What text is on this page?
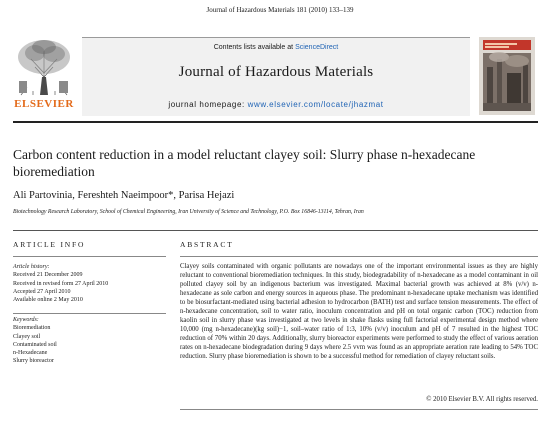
Journal of Hazardous Materials 181 (2010) 133–139
ELSEVIER
Contents lists available at ScienceDirect
Journal of Hazardous Materials
journal homepage: www.elsevier.com/locate/jhazmat
Carbon content reduction in a model reluctant clayey soil: Slurry phase n-hexadecane bioremediation
Ali Partovinia, Fereshteh Naeimpoor*, Parisa Hejazi
Biotechnology Research Laboratory, School of Chemical Engineering, Iran University of Science and Technology, P.O. Box 16846-13114, Tehran, Iran
ARTICLE INFO	ABSTRACT
Article history:
Received 21 December 2009
Received in revised form 27 April 2010
Accepted 27 April 2010
Available online 2 May 2010
Keywords:
Bioremediation
Clayey soil
Contaminated soil
n-Hexadecane
Slurry bioreactor
Clayey soils contaminated with organic pollutants are nowadays one of the important environmental issues as they are highly reluctant to conventional bioremediation techniques. In this study, biodegradability of n-hexadecane as a model contaminant in oil polluted clayey soil by an indigenous bacterium was investigated. Maximal bacterial growth was achieved at 8% (v/v) n-hexadecane as sole carbon and energy sources in aqueous phase. The predominant n-hexadecane uptake mechanism was identified to be biosurfactant-mediated using bacterial adhesion to hydrocarbon (BATH) test and surface tension measurements. The effect of n-hexadecane concentration, soil to water ratio, inoculum concentration and pH on total organic carbon (TOC) reduction from kaolin soil in slurry phase was investigated at two levels in shake flasks using full factorial experimental design method where 10,000 (mg n-hexadecane)(kg soil)−1, soil–water ratio of 1:3, 10% (v/v) inoculum and pH of 7 resulted in the highest TOC reduction of 70% within 20 days. Additionally, slurry bioreactor experiments were performed to study the effect of various aeration rates on n-hexadecane biodegradation during 9 days where 2.5 vvm was found as an appropriate aeration rate leading to 54% TOC reduction. Slurry phase bioremediation is shown to be a successful method for remediation of clayey reluctant soils.
© 2010 Elsevier B.V. All rights reserved.
